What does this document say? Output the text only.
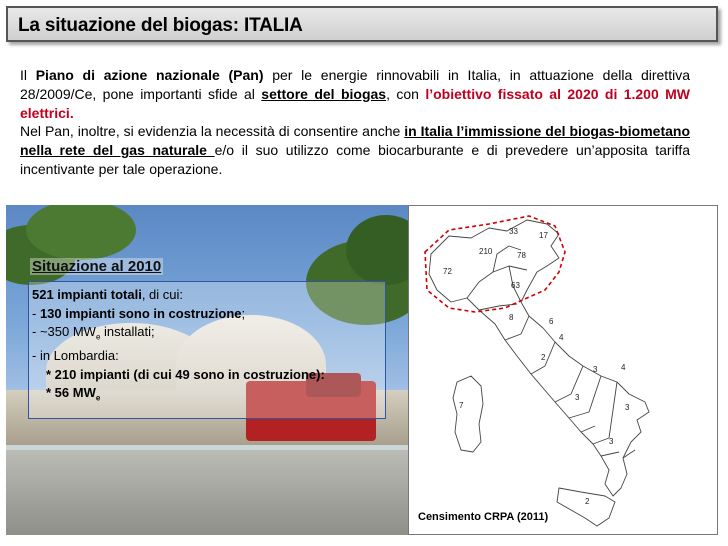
La situazione del biogas: ITALIA

Il Piano di azione nazionale (Pan) per le energie rinnovabili in Italia, in attuazione della direttiva 28/2009/Ce, pone importanti sfide al settore del biogas, con l’obiettivo fissato al 2020 di 1.200 MW elettrici.

Nel Pan, inoltre, si evidenzia la necessità di consentire anche in Italia l’immissione del biogas-biometano nella rete del gas naturale e/o il suo utilizzo come biocarburante e di prevedere un’apposita tariffa incentivante per tale operazione.

Situazione al 2010
521 impianti totali, di cui:
- 130 impianti sono in costruzione;
- ~350 $MW_e$ installati;
- in Lombardia:
* 210 impianti (di cui 49 sono in costruzione):
* 56 $MW_e$
33	17
210	78
72
63
8	6
4
2
3	4
7
3
3
3
2
Censimento CRPA (2011)
